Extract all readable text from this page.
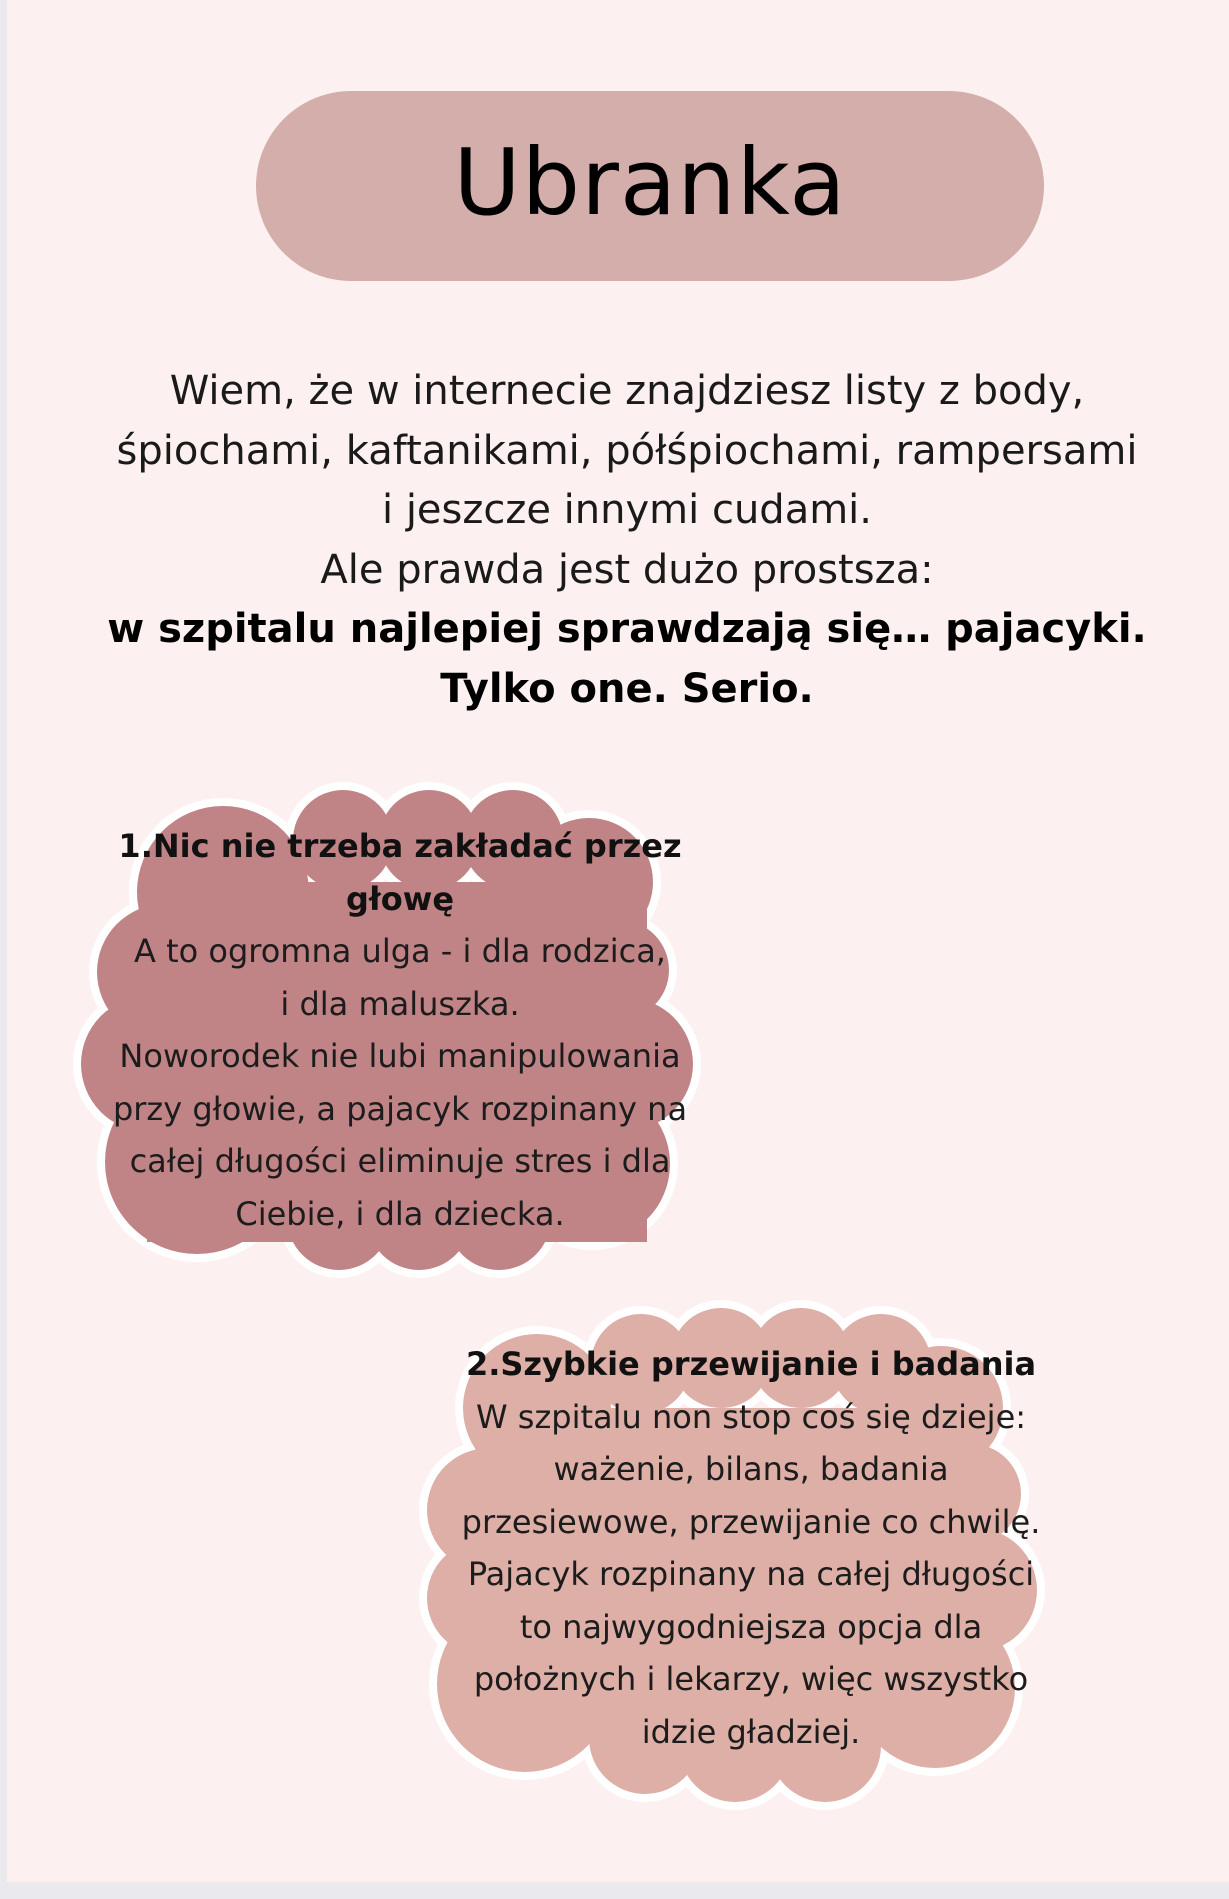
Ubranka

Wiem, że w internecie znajdziesz listy z body,

śpiochami, kaftanikami, półśpiochami, rampersami

i jeszcze innymi cudami.

Ale prawda jest dużo prostsza:

w szpitalu najlepiej sprawdzają się… pajacyki.

Tylko one. Serio.

1.Nic nie trzeba zakładać przez

głowę

A to ogromna ulga - i dla rodzica,

i dla maluszka.

Noworodek nie lubi manipulowania

przy głowie, a pajacyk rozpinany na

całej długości eliminuje stres i dla

Ciebie, i dla dziecka.

2.Szybkie przewijanie i badania

W szpitalu non stop coś się dzieje:

ważenie, bilans, badania

przesiewowe, przewijanie co chwilę.

Pajacyk rozpinany na całej długości

to najwygodniejsza opcja dla

położnych i lekarzy, więc wszystko

idzie gładziej.
